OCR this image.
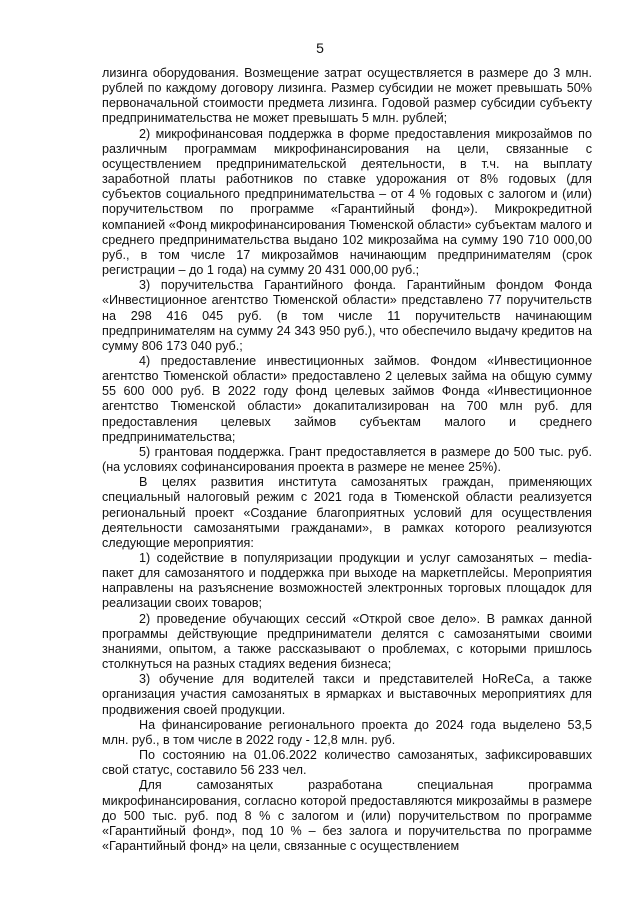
5

лизинга оборудования. Возмещение затрат осуществляется в размере до 3 млн. рублей по каждому договору лизинга. Размер субсидии не может превышать 50% первоначальной стоимости предмета лизинга. Годовой размер субсидии субъекту предпринимательства не может превышать 5 млн. рублей;

2) микрофинансовая поддержка в форме предоставления микрозаймов по различным программам микрофинансирования на цели, связанные с осуществлением предпринимательской деятельности, в т.ч. на выплату заработной платы работников по ставке удорожания от 8% годовых (для субъектов социального предпринимательства – от 4 % годовых с залогом и (или) поручительством по программе «Гарантийный фонд»). Микрокредитной компанией «Фонд микрофинансирования Тюменской области» субъектам малого и среднего предпринимательства выдано 102 микрозайма на сумму 190 710 000,00 руб., в том числе 17 микрозаймов начинающим предпринимателям (срок регистрации – до 1 года) на сумму 20 431 000,00 руб.;

3) поручительства Гарантийного фонда. Гарантийным фондом Фонда «Инвестиционное агентство Тюменской области» представлено 77 поручительств на 298 416 045 руб. (в том числе 11 поручительств начинающим предпринимателям на сумму 24 343 950 руб.), что обеспечило выдачу кредитов на сумму 806 173 040 руб.;

4) предоставление инвестиционных займов. Фондом «Инвестиционное агентство Тюменской области» предоставлено 2 целевых займа на общую сумму 55 600 000 руб. В 2022 году фонд целевых займов Фонда «Инвестиционное агентство Тюменской области» докапитализирован на 700 млн руб. для предоставления целевых займов субъектам малого и среднего предпринимательства;

5) грантовая поддержка. Грант предоставляется в размере до 500 тыс. руб. (на условиях софинансирования проекта в размере не менее 25%).

В целях развития института самозанятых граждан, применяющих специальный налоговый режим с 2021 года в Тюменской области реализуется региональный проект «Создание благоприятных условий для осуществления деятельности самозанятыми гражданами», в рамках которого реализуются следующие мероприятия:

1) содействие в популяризации продукции и услуг самозанятых – media-пакет для самозанятого и поддержка при выходе на маркетплейсы. Мероприятия направлены на разъяснение возможностей электронных торговых площадок для реализации своих товаров;

2) проведение обучающих сессий «Открой свое дело». В рамках данной программы действующие предприниматели делятся с самозанятыми своими знаниями, опытом, а также рассказывают о проблемах, с которыми пришлось столкнуться на разных стадиях ведения бизнеса;

3) обучение для водителей такси и представителей HoReCa, а также организация участия самозанятых в ярмарках и выставочных мероприятиях для продвижения своей продукции.

На финансирование регионального проекта до 2024 года выделено 53,5 млн. руб., в том числе в 2022 году - 12,8 млн. руб.

По состоянию на 01.06.2022 количество самозанятых, зафиксировавших свой статус, составило 56 233 чел.

Для самозанятых разработана специальная программа микрофинансирования, согласно которой предоставляются микрозаймы в размере до 500 тыс. руб. под 8 % с залогом и (или) поручительством по программе «Гарантийный фонд», под 10 % – без залога и поручительства по программе «Гарантийный фонд» на цели, связанные с осуществлением
